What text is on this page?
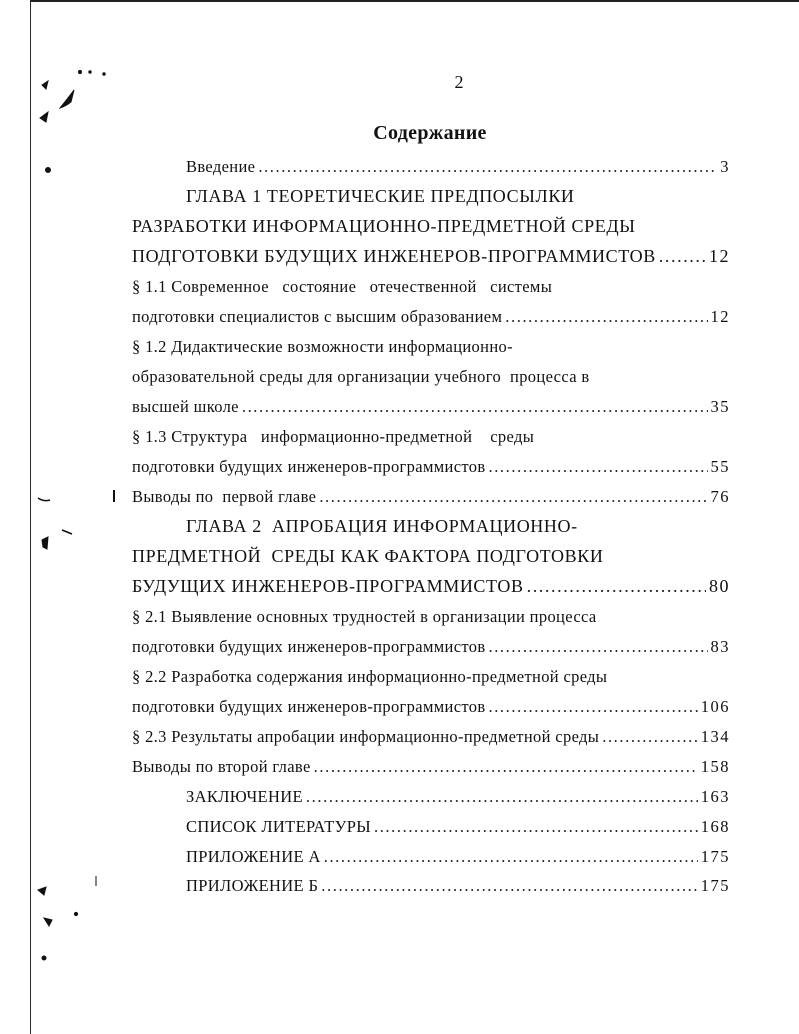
2
Содержание
Введение .....	3
ГЛАВА 1 ТЕОРЕТИЧЕСКИЕ ПРЕДПОСЫЛКИ
РАЗРАБОТКИ ИНФОРМАЦИОННО-ПРЕДМЕТНОЙ СРЕДЫ
ПОДГОТОВКИ БУДУЩИХ ИНЖЕНЕРОВ-ПРОГРАММИСТОВ .....	12
§ 1.1 Современное   состояние   отечественной   системы
подготовки специалистов с высшим образованием .....	12
§ 1.2 Дидактические возможности информационно-
образовательной среды для организации учебного  процесса в
высшей школе .....	35
§ 1.3 Структура   информационно-предметной    среды
подготовки будущих инженеров-программистов .....	55
Выводы по  первой главе .....	76
ГЛАВА 2  АПРОБАЦИЯ ИНФОРМАЦИОННО-
ПРЕДМЕТНОЙ  СРЕДЫ КАК ФАКТОРА ПОДГОТОВКИ
БУДУЩИХ ИНЖЕНЕРОВ-ПРОГРАММИСТОВ .....	80
§ 2.1 Выявление основных трудностей в организации процесса
подготовки будущих инженеров-программистов .....	83
§ 2.2 Разработка содержания информационно-предметной среды
подготовки будущих инженеров-программистов .....	106
§ 2.3 Результаты апробации информационно-предметной среды .....	134
Выводы по второй главе .....	158
ЗАКЛЮЧЕНИЕ .....	163
СПИСОК ЛИТЕРАТУРЫ .....	168
ПРИЛОЖЕНИЕ А .....	175
ПРИЛОЖЕНИЕ Б .....	175
